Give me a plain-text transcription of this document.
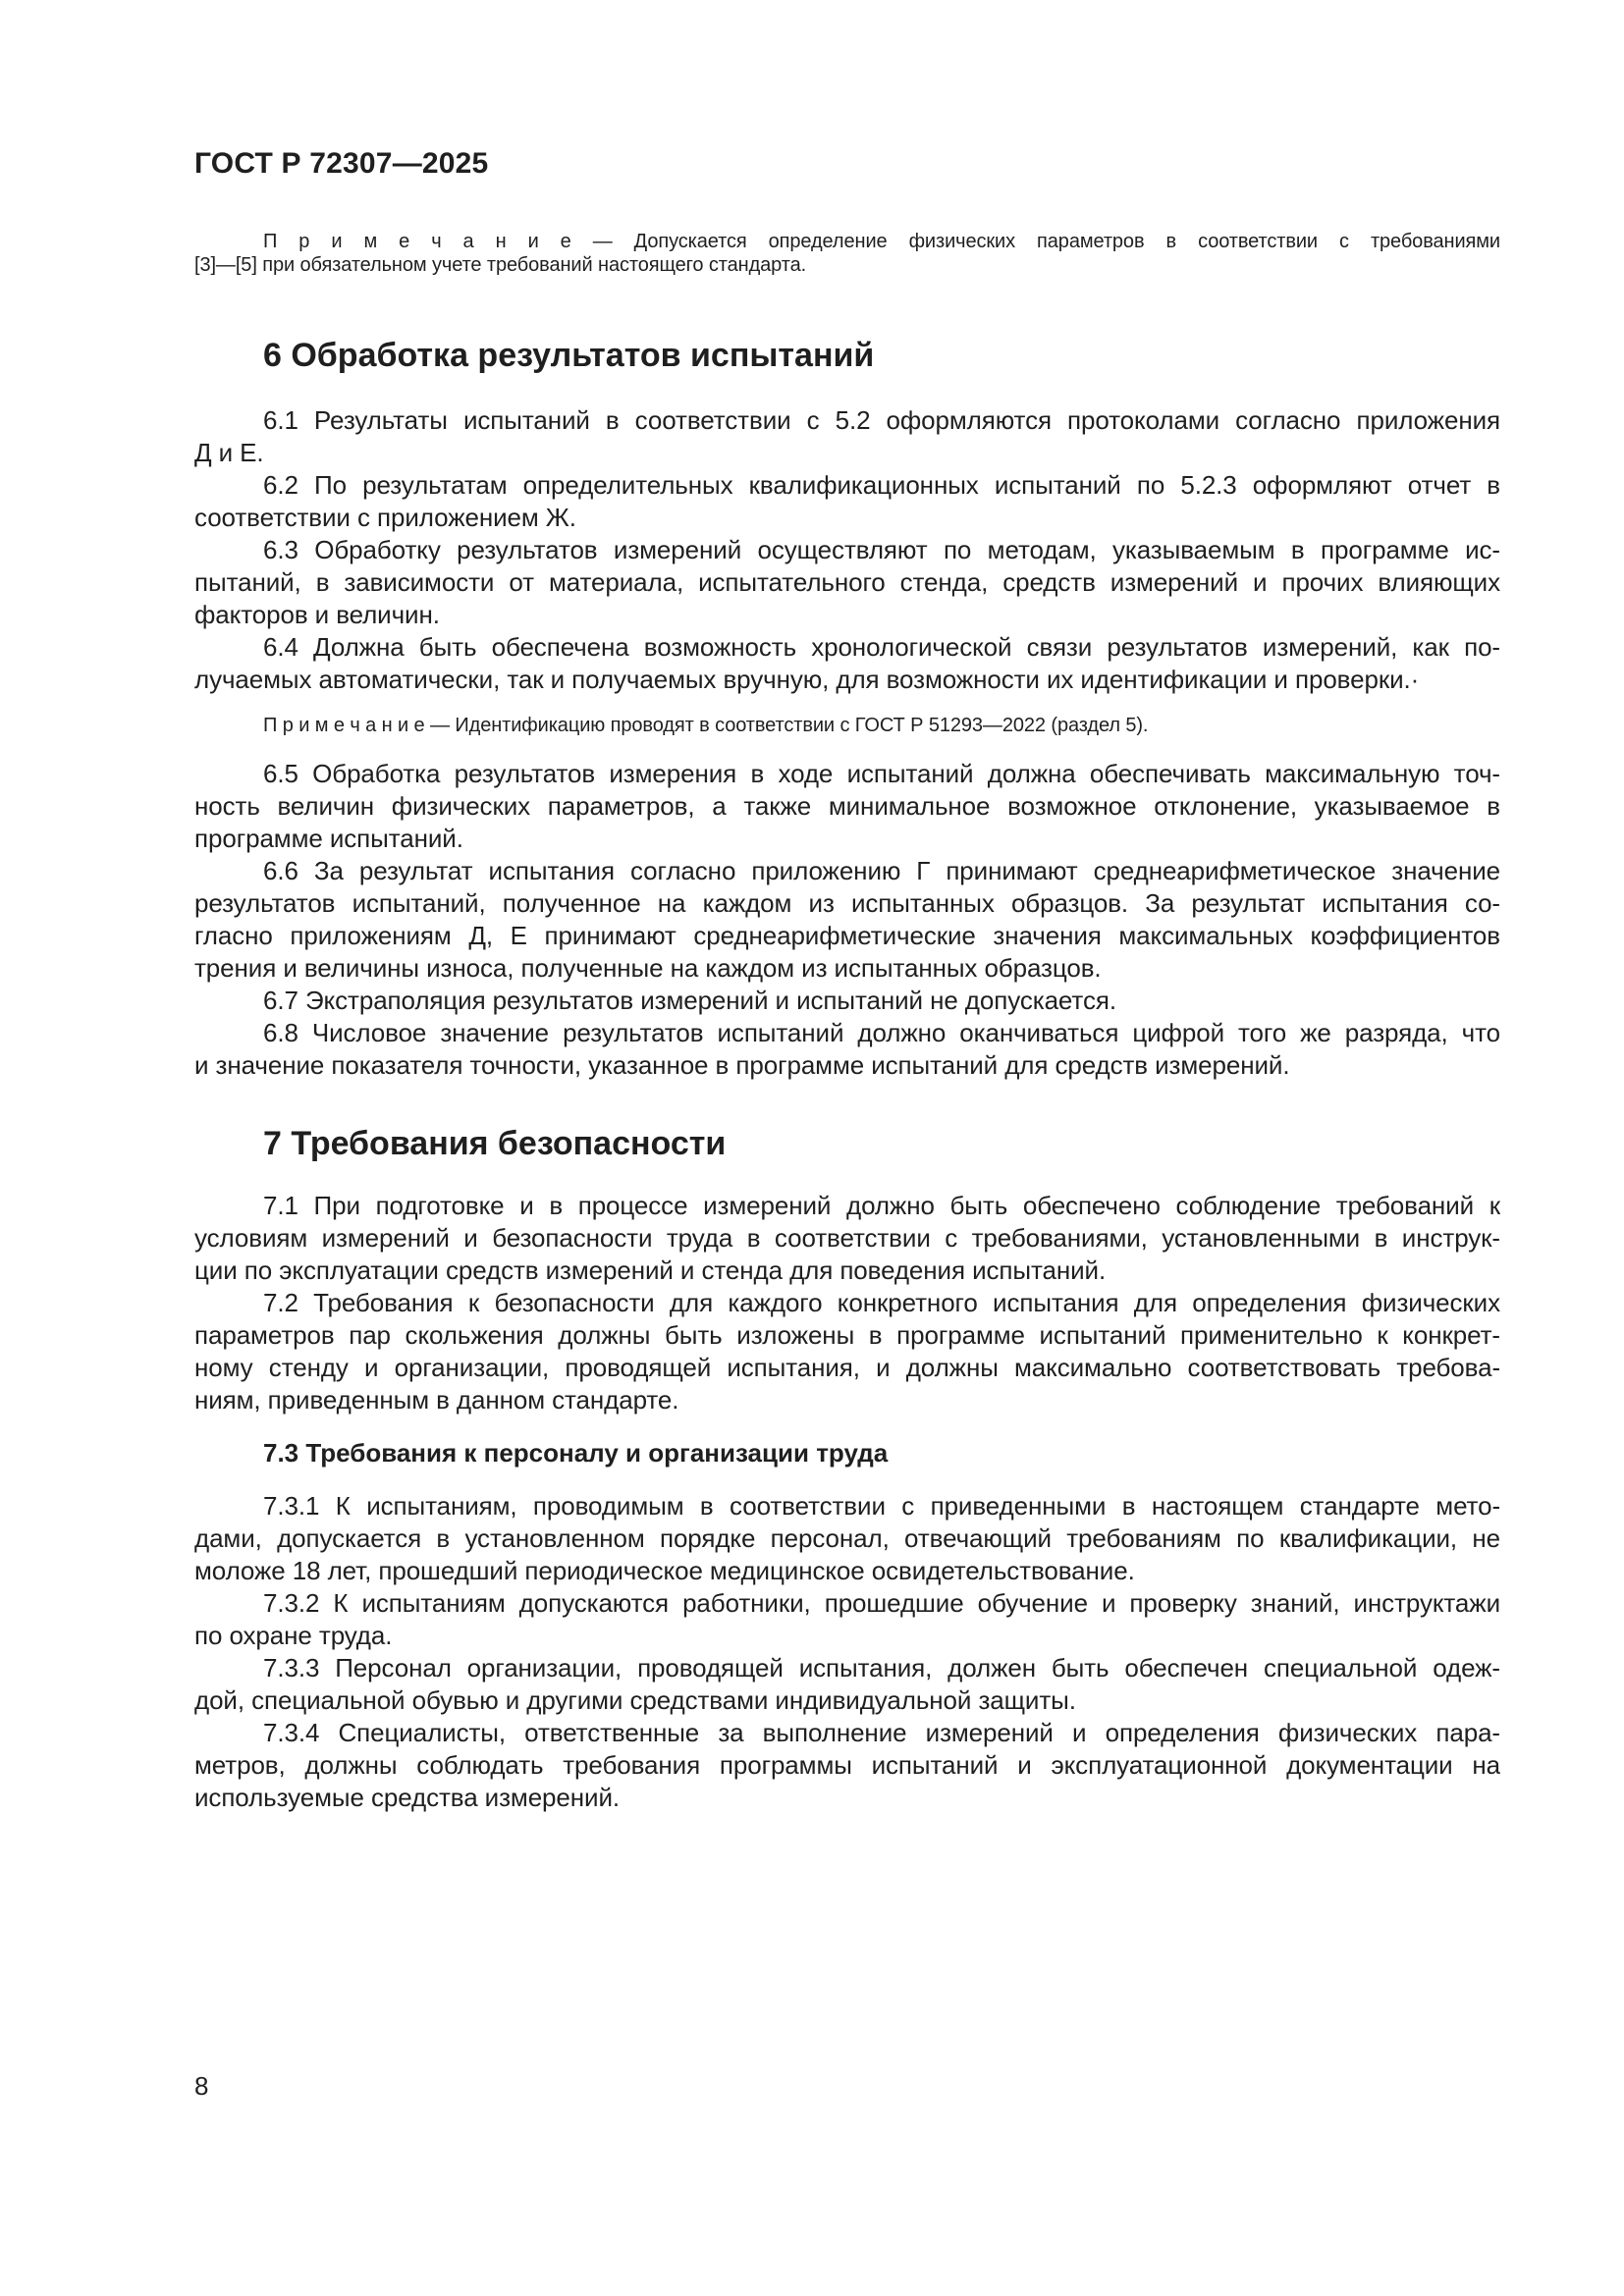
ГОСТ Р 72307—2025
П р и м е ч а н и е — Допускается определение физических параметров в соответствии с требованиями
[3]—[5] при обязательном учете требований настоящего стандарта.
6 Обработка результатов испытаний
6.1 Результаты испытаний в соответствии с 5.2 оформляются протоколами согласно приложения
Д и Е.
6.2 По результатам определительных квалификационных испытаний по 5.2.3 оформляют отчет в
соответствии с приложением Ж.
6.3 Обработку результатов измерений осуществляют по методам, указываемым в программе ис-
пытаний, в зависимости от материала, испытательного стенда, средств измерений и прочих влияющих
факторов и величин.
6.4 Должна быть обеспечена возможность хронологической связи результатов измерений, как по-
лучаемых автоматически, так и получаемых вручную, для возможности их идентификации и проверки.·
П р и м е ч а н и е — Идентификацию проводят в соответствии с ГОСТ Р 51293—2022 (раздел 5).
6.5 Обработка результатов измерения в ходе испытаний должна обеспечивать максимальную точ-
ность величин физических параметров, а также минимальное возможное отклонение, указываемое в
программе испытаний.
6.6 За результат испытания согласно приложению Г принимают среднеарифметическое значение
результатов испытаний, полученное на каждом из испытанных образцов. За результат испытания со-
гласно приложениям Д, Е принимают среднеарифметические значения максимальных коэффициентов
трения и величины износа, полученные на каждом из испытанных образцов.
6.7 Экстраполяция результатов измерений и испытаний не допускается.
6.8 Числовое значение результатов испытаний должно оканчиваться цифрой того же разряда, что
и значение показателя точности, указанное в программе испытаний для средств измерений.
7 Требования безопасности
7.1 При подготовке и в процессе измерений должно быть обеспечено соблюдение требований к
условиям измерений и безопасности труда в соответствии с требованиями, установленными в инструк-
ции по эксплуатации средств измерений и стенда для поведения испытаний.
7.2 Требования к безопасности для каждого конкретного испытания для определения физических
параметров пар скольжения должны быть изложены в программе испытаний применительно к конкрет-
ному стенду и организации, проводящей испытания, и должны максимально соответствовать требова-
ниям, приведенным в данном стандарте.
7.3 Требования к персоналу и организации труда
7.3.1 К испытаниям, проводимым в соответствии с приведенными в настоящем стандарте мето-
дами, допускается в установленном порядке персонал, отвечающий требованиям по квалификации, не
моложе 18 лет, прошедший периодическое медицинское освидетельствование.
7.3.2 К испытаниям допускаются работники, прошедшие обучение и проверку знаний, инструктажи
по охране труда.
7.3.3 Персонал организации, проводящей испытания, должен быть обеспечен специальной одеж-
дой, специальной обувью и другими средствами индивидуальной защиты.
7.3.4 Специалисты, ответственные за выполнение измерений и определения физических пара-
метров, должны соблюдать требования программы испытаний и эксплуатационной документации на
используемые средства измерений.
8
